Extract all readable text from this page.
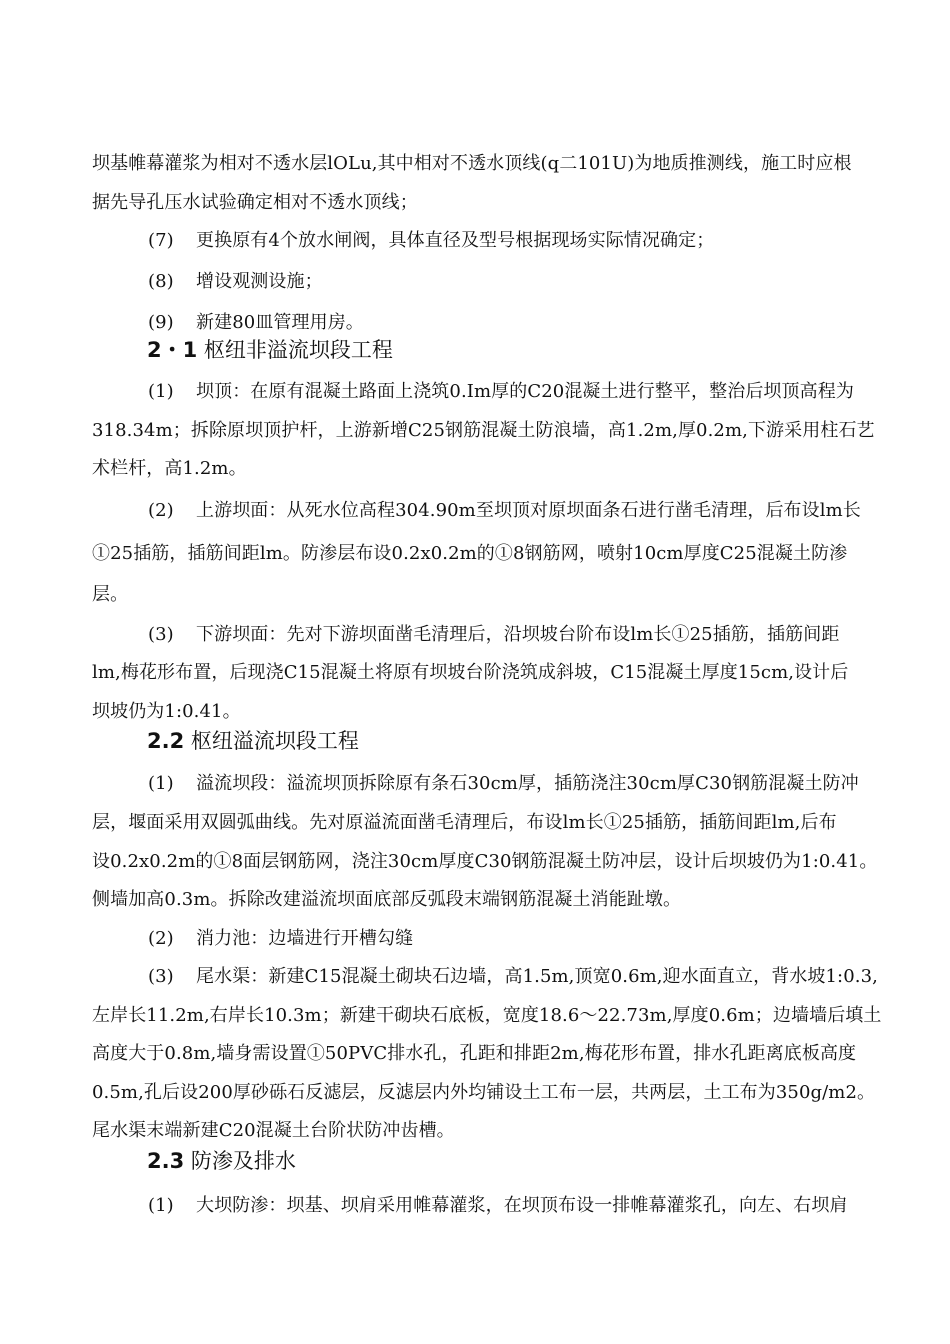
坝基帷幕灌浆为相对不透水层lOLu,其中相对不透水顶线(q二101U)为地质推测线，施工时应根
据先导孔压水试验确定相对不透水顶线；
(7) 更换原有4个放水闸阀，具体直径及型号根据现场实际情况确定；
(8) 增设观测设施；
(9) 新建80皿管理用房。
2・1 枢纽非溢流坝段工程
(1) 坝顶：在原有混凝土路面上浇筑0.Im厚的C20混凝土进行整平，整治后坝顶高程为
318.34m；拆除原坝顶护杆，上游新增C25钢筋混凝土防浪墙，高1.2m,厚0.2m,下游采用柱石艺
术栏杆，高1.2m。
(2) 上游坝面：从死水位高程304.90m至坝顶对原坝面条石进行凿毛清理，后布设lm长
①25插筋，插筋间距lm。防渗层布设0.2x0.2m的①8钢筋网，喷射10cm厚度C25混凝土防渗
层。
(3) 下游坝面：先对下游坝面凿毛清理后，沿坝坡台阶布设lm长①25插筋，插筋间距
lm,梅花形布置，后现浇C15混凝土将原有坝坡台阶浇筑成斜坡，C15混凝土厚度15cm,设计后
坝坡仍为1:0.41。
2.2 枢纽溢流坝段工程
(1) 溢流坝段：溢流坝顶拆除原有条石30cm厚，插筋浇注30cm厚C30钢筋混凝土防冲
层，堰面采用双圆弧曲线。先对原溢流面凿毛清理后，布设lm长①25插筋，插筋间距lm,后布
设0.2x0.2m的①8面层钢筋网，浇注30cm厚度C30钢筋混凝土防冲层，设计后坝坡仍为1:0.41。
侧墙加高0.3m。拆除改建溢流坝面底部反弧段末端钢筋混凝土消能趾墩。
(2) 消力池：边墙进行开槽勾缝
(3) 尾水渠：新建C15混凝土砌块石边墙，高1.5m,顶宽0.6m,迎水面直立，背水坡1:0.3,
左岸长11.2m,右岸长10.3m；新建干砌块石底板，宽度18.6〜22.73m,厚度0.6m；边墙墙后填土
高度大于0.8m,墙身需设置①50PVC排水孔，孔距和排距2m,梅花形布置，排水孔距离底板高度
0.5m,孔后设200厚砂砾石反滤层，反滤层内外均铺设土工布一层，共两层，土工布为350g/m2。
尾水渠末端新建C20混凝土台阶状防冲齿槽。
2.3 防渗及排水
(1) 大坝防渗：坝基、坝肩采用帷幕灌浆，在坝顶布设一排帷幕灌浆孔，向左、右坝肩
